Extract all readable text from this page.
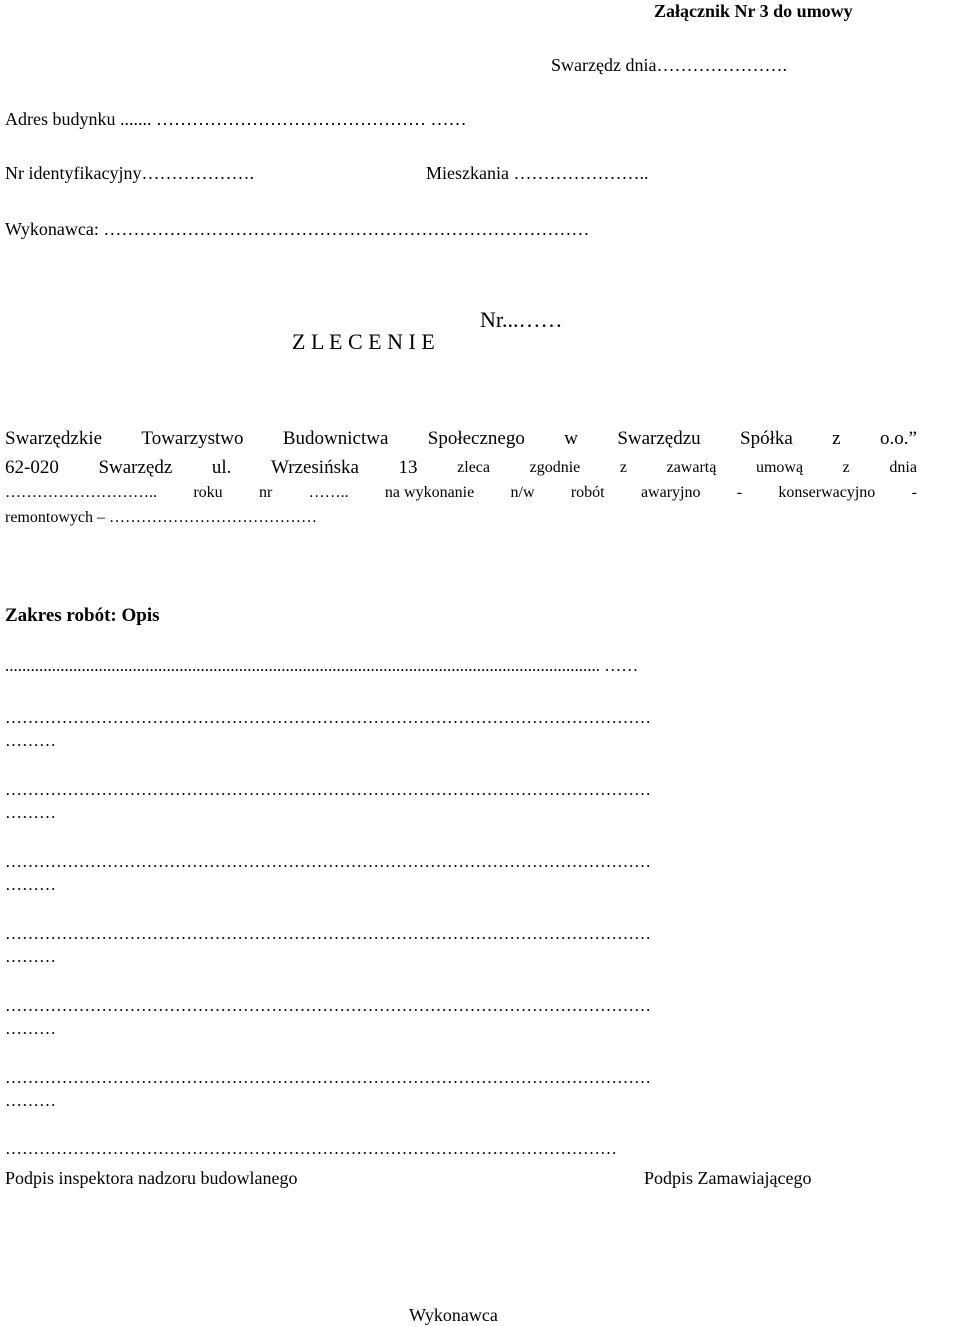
Załącznik Nr 3 do umowy
Swarzędz dnia………………….
Adres budynku ....... ……………………………………… ……
Nr identyfikacyjny……………….	Mieszkania …………………..
Wykonawca: ………………………………………………………………………

Z L E C E N I E

Nr...……

Swarzędzkie Towarzystwo Budownictwa Społecznego w Swarzędzu Spółka z o.o.”
62-020 Swarzędz ul. Wrzesińska 13 zleca zgodnie z zawartą umową z dnia
……………………….. roku nr …….. na wykonanie n/w robót awaryjno - konserwacyjno -
remontowych – …………………………………
Zakres robót: Opis
............................................................................................................................................ ……
……………………………………………………………………………………………………
………
……………………………………………………………………………………………………
………
……………………………………………………………………………………………………
………
……………………………………………………………………………………………………
………
……………………………………………………………………………………………………
………
……………………………………………………………………………………………………
………
………………………………………………………………………………………………
Podpis inspektora nadzoru budowlanego	Podpis Zamawiającego
Wykonawca
